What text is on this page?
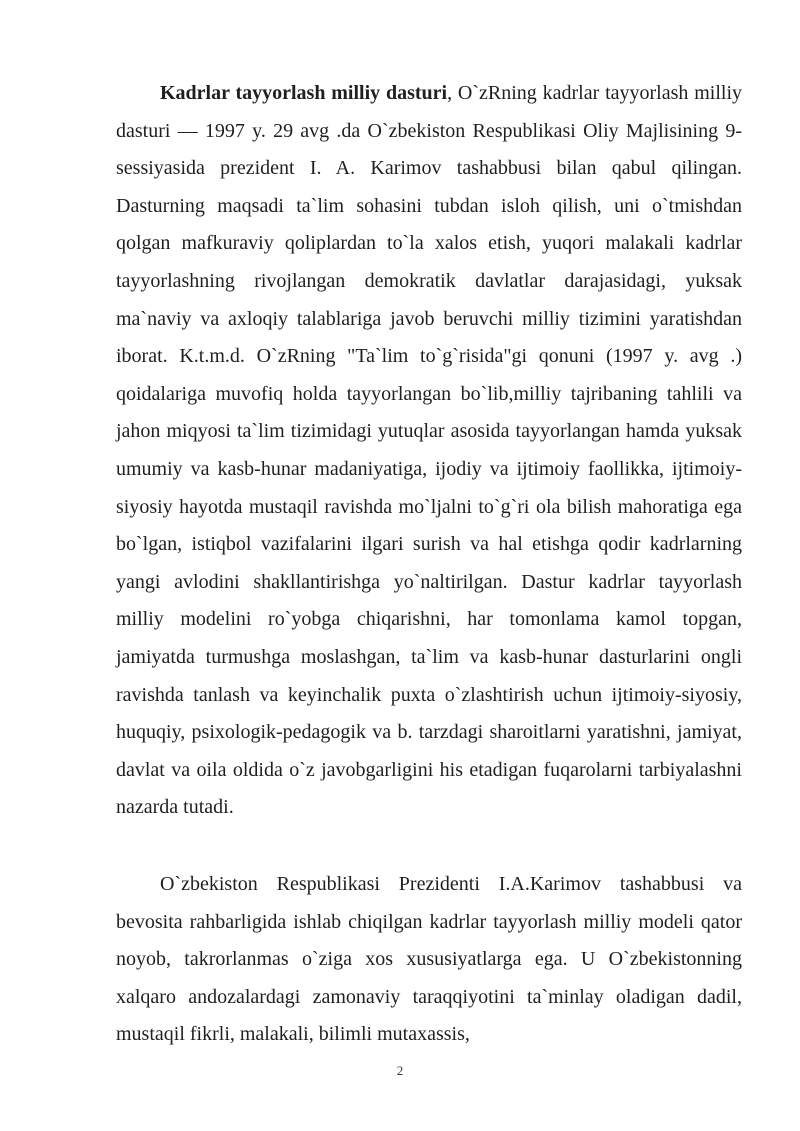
Kadrlar tayyorlash milliy dasturi, O`zRning kadrlar tayyorlash milliy dasturi — 1997 y. 29 avg .da O`zbekiston Respublikasi Oliy Majlisining 9-sessiyasida prezident I. A. Karimov tashabbusi bilan qabul qilingan. Dasturning maqsadi ta`lim sohasini tubdan isloh qilish, uni o`tmishdan qolgan mafkuraviy qoliplardan to`la xalos etish, yuqori malakali kadrlar tayyorlashning rivojlangan demokratik davlatlar darajasidagi, yuksak ma`naviy va axloqiy talablariga javob beruvchi milliy tizimini yaratishdan iborat. K.t.m.d. O`zRning "Ta`lim to`g`risida"gi qonuni (1997 y. avg .) qoidalariga muvofiq holda tayyorlangan bo`lib,milliy tajribaning tahlili va jahon miqyosi ta`lim tizimidagi yutuqlar asosida tayyorlangan hamda yuksak umumiy va kasb-hunar madaniyatiga, ijodiy va ijtimoiy faollikka, ijtimoiy-siyosiy hayotda mustaqil ravishda mo`ljalni to`g`ri ola bilish mahoratiga ega bo`lgan, istiqbol vazifalarini ilgari surish va hal etishga qodir kadrlarning yangi avlodini shakllantirishga yo`naltirilgan. Dastur kadrlar tayyorlash milliy modelini ro`yobga chiqarishni, har tomonlama kamol topgan, jamiyatda turmushga moslashgan, ta`lim va kasb-hunar dasturlarini ongli ravishda tanlash va keyinchalik puxta o`zlashtirish uchun ijtimoiy-siyosiy, huquqiy, psixologik-pedagogik va b. tarzdagi sharoitlarni yaratishni, jamiyat, davlat va oila oldida o`z javobgarligini his etadigan fuqarolarni tarbiyalashni nazarda tutadi.

O`zbekiston Respublikasi Prezidenti I.A.Karimov tashabbusi va bevosita rahbarligida ishlab chiqilgan kadrlar tayyorlash milliy modeli qator noyob, takrorlanmas o`ziga xos xususiyatlarga ega. U O`zbekistonning xalqaro andozalardagi zamonaviy taraqqiyotini ta`minlay oladigan dadil, mustaqil fikrli, malakali, bilimli mutaxassis,

2
